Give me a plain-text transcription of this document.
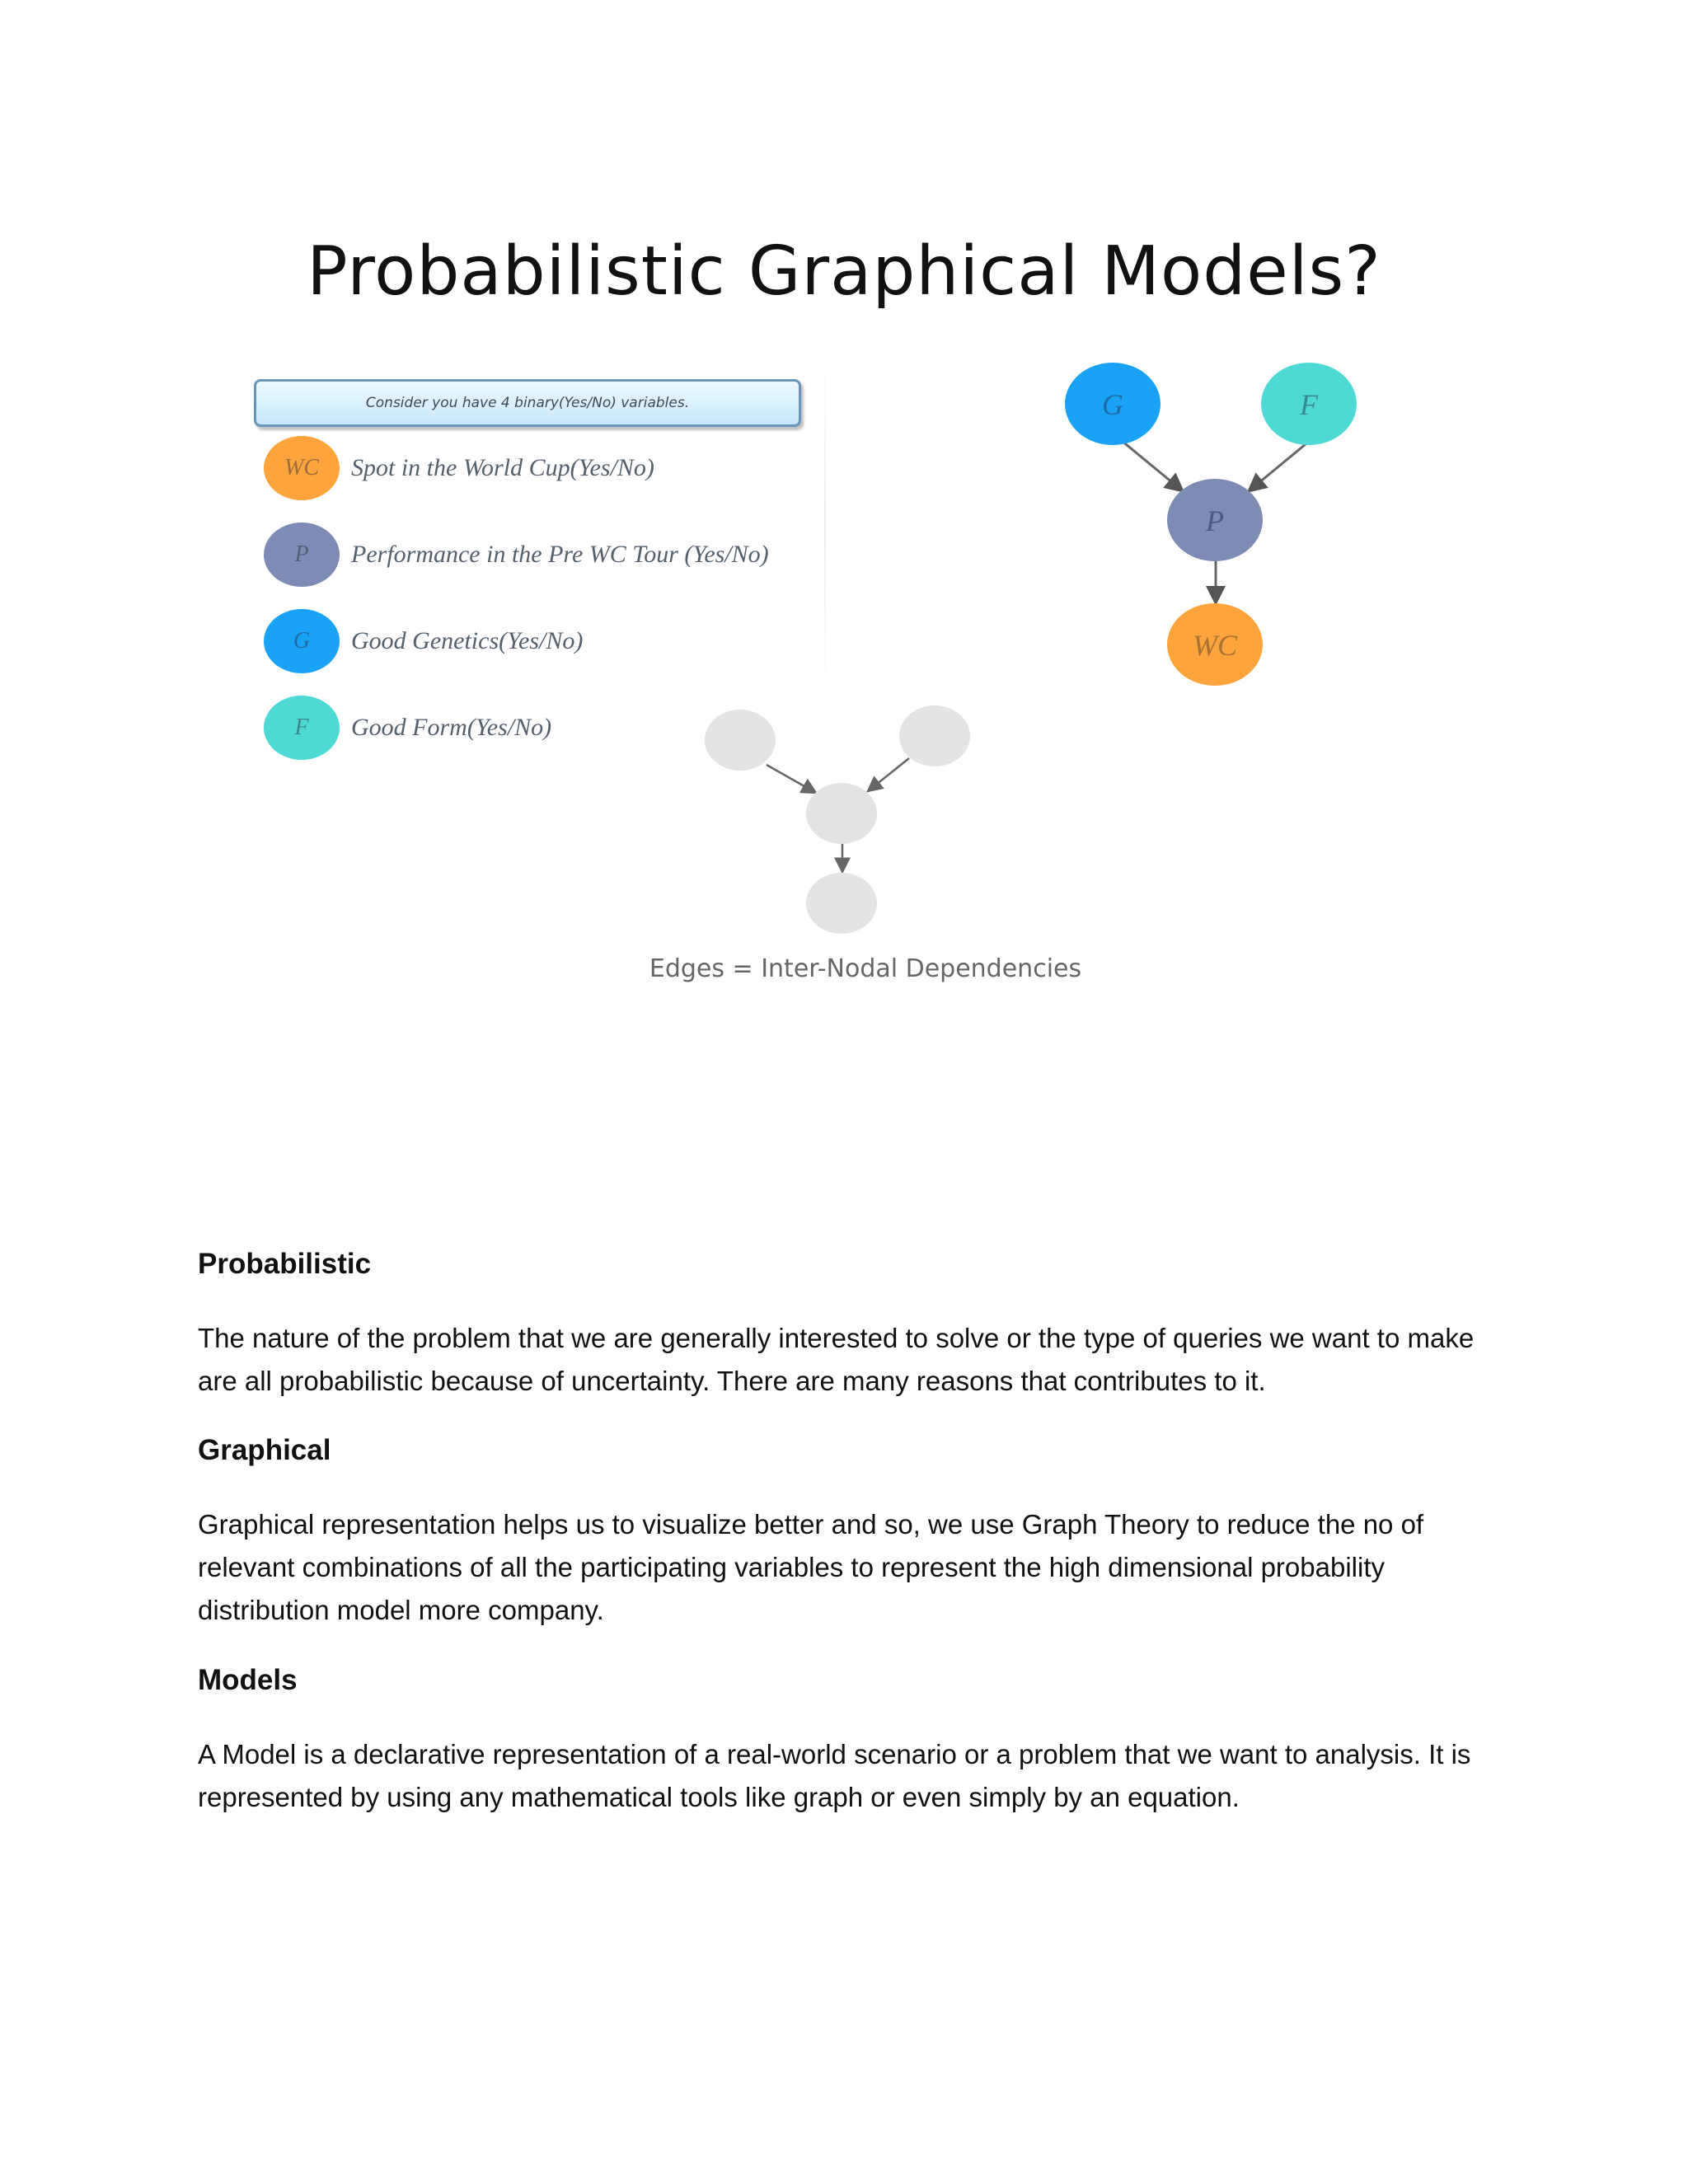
Probabilistic Graphical Models?
Consider you have 4 binary(Yes/No) variables.
WC	Spot in the World Cup(Yes/No)
P	Performance in the Pre WC Tour (Yes/No)
G	Good Genetics(Yes/No)
F	Good Form(Yes/No)
G	F
P
WC
Edges = Inter-Nodal Dependencies
Probabilistic

The nature of the problem that we are generally interested to solve or the type of queries we want to make are all probabilistic because of uncertainty. There are many reasons that contributes to it.

Graphical

Graphical representation helps us to visualize better and so, we use Graph Theory to reduce the no of relevant combinations of all the participating variables to represent the high dimensional probability distribution model more company.

Models

A Model is a declarative representation of a real-world scenario or a problem that we want to analysis. It is represented by using any mathematical tools like graph or even simply by an equation.
